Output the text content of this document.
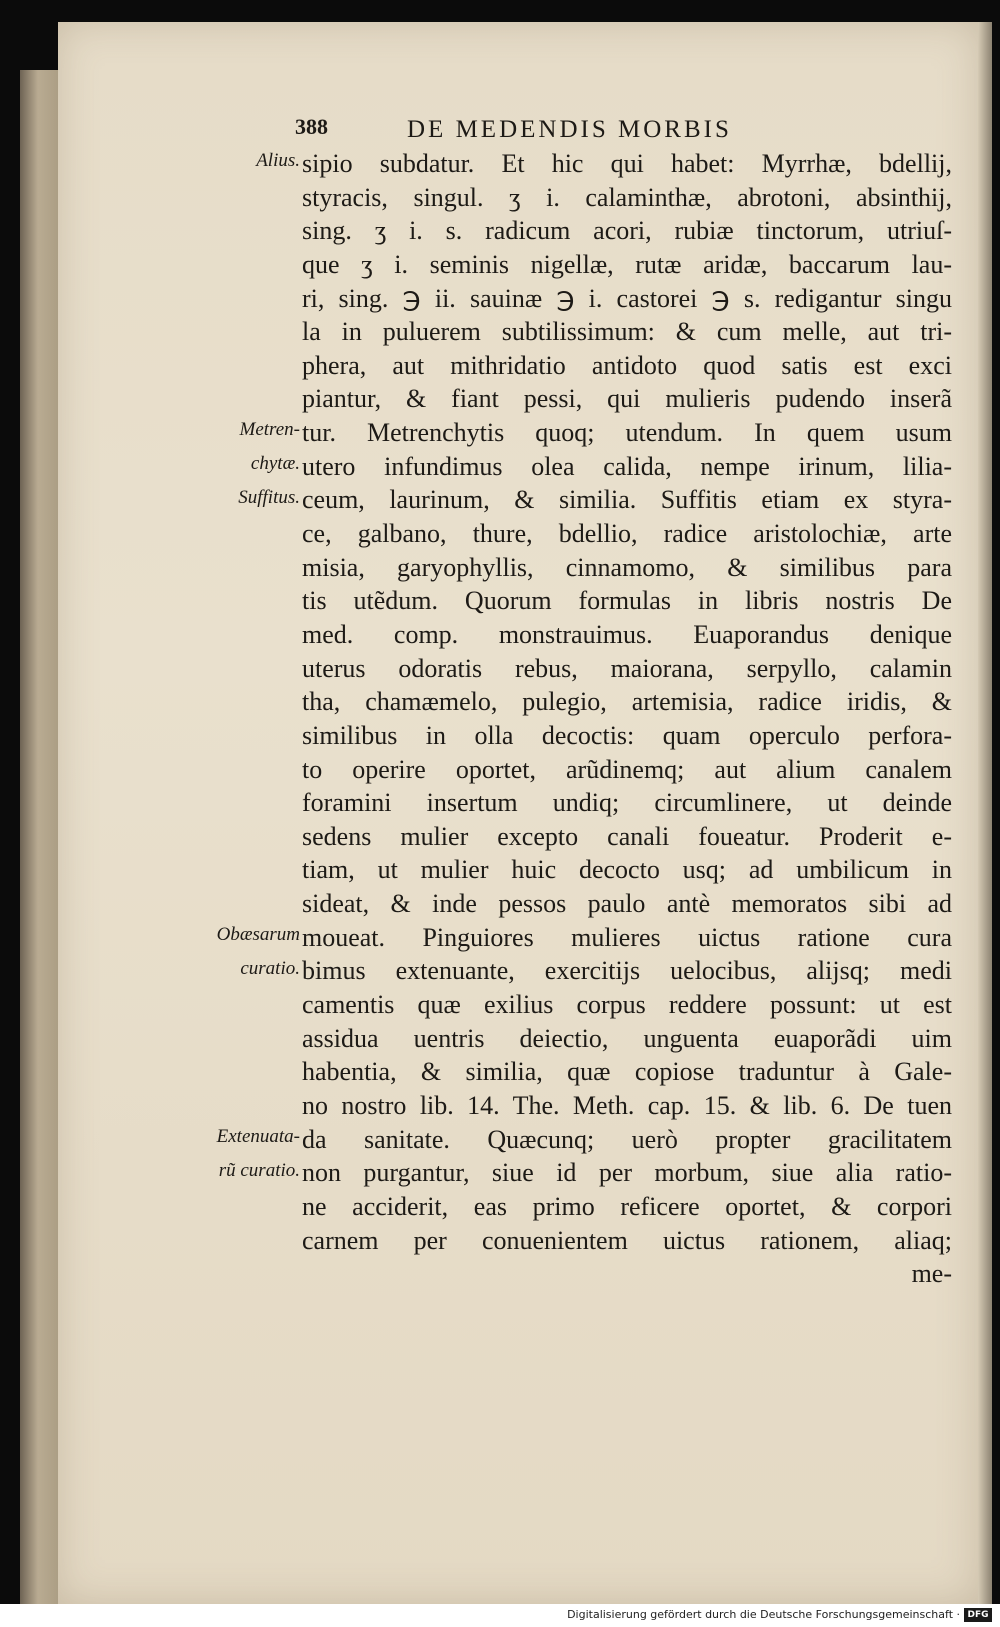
388	DE MEDENDIS MORBIS
Alius.
Metren-
chytæ.
Suffitus.
Obæsarum
curatio.
Extenuata-
rũ curatio.
sipio subdatur. Et hic qui habet: Myrrhæ, bdellij,
styracis, singul. ʒ i. calaminthæ, abrotoni, absinthij,
sing. ʒ i. s. radicum acori, rubiæ tinctorum, utriuſ-
que ʒ i. seminis nigellæ, rutæ aridæ, baccarum lau-
ri, sing. ℈ ii. sauinæ ℈ i. castorei ℈ s. redigantur singu
la in puluerem subtilissimum: & cum melle, aut tri-
phera, aut mithridatio antidoto quod satis est exci
piantur, & fiant pessi, qui mulieris pudendo inserã
tur. Metrenchytis quoq; utendum. In quem usum
utero infundimus olea calida, nempe irinum, lilia-
ceum, laurinum, & similia. Suffitis etiam ex styra-
ce, galbano, thure, bdellio, radice aristolochiæ, arte
misia, garyophyllis, cinnamomo, & similibus para
tis utẽdum. Quorum formulas in libris nostris De
med. comp. monstrauimus. Euaporandus denique
uterus odoratis rebus, maiorana, serpyllo, calamin
tha, chamæmelo, pulegio, artemisia, radice iridis, &
similibus in olla decoctis: quam operculo perfora-
to operire oportet, arũdinemq; aut alium canalem
foramini insertum undiq; circumlinere, ut deinde
sedens mulier excepto canali foueatur. Proderit e-
tiam, ut mulier huic decocto usq; ad umbilicum in
sideat, & inde pessos paulo antè memoratos sibi ad
moueat. Pinguiores mulieres uictus ratione cura
bimus extenuante, exercitijs uelocibus, alijsq; medi
camentis quæ exilius corpus reddere possunt: ut est
assidua uentris deiectio, unguenta euaporãdi uim
habentia, & similia, quæ copiose traduntur à Gale-
no nostro lib. 14. The. Meth. cap. 15. & lib. 6. De tuen
da sanitate. Quæcunq; uerò propter gracilitatem
non purgantur, siue id per morbum, siue alia ratio-
ne acciderit, eas primo reficere oportet, & corpori
carnem per conuenientem uictus rationem, aliaq;
me-
Digitalisierung gefördert durch die Deutsche Forschungsgemeinschaft · DFG
